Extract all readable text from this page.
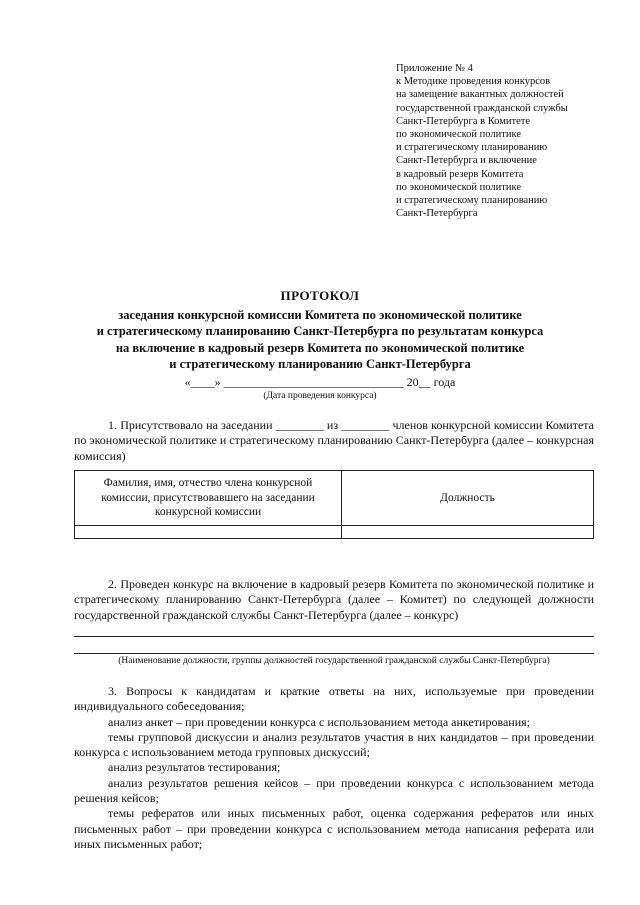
Приложение № 4
к Методике проведения конкурсов
на замещение вакантных должностей
государственной гражданской службы
Санкт-Петербурга в Комитете
по экономической политике
и стратегическому планированию
Санкт-Петербурга и включение
в кадровый резерв Комитета
по экономической политике
и стратегическому планированию
Санкт-Петербурга
ПРОТОКОЛ
заседания конкурсной комиссии Комитета по экономической политике
и стратегическому планированию Санкт-Петербурга по результатам конкурса
на включение в кадровый резерв Комитета по экономической политике
и стратегическому планированию Санкт-Петербурга
«____» ______________________________ 20__ года
(Дата проведения конкурса)
1. Присутствовало на заседании ________ из ________ членов конкурсной комиссии Комитета по экономической политике и стратегическому планированию Санкт-Петербурга (далее – конкурсная комиссия)
Фамилия, имя, отчество члена конкурсной комиссии, присутствовавшего на заседании конкурсной комиссии	Должность

2. Проведен конкурс на включение в кадровый резерв Комитета по экономической политике и стратегическому планированию Санкт-Петербурга (далее – Комитет) по следующей должности государственной гражданской службы Санкт-Петербурга (далее – конкурс)
(Наименование должности, группы должностей государственной гражданской службы Санкт-Петербурга)
3. Вопросы к кандидатам и краткие ответы на них, используемые при проведении индивидуального собеседования;
анализ анкет – при проведении конкурса с использованием метода анкетирования;
темы групповой дискуссии и анализ результатов участия в них кандидатов – при проведении конкурса с использованием метода групповых дискуссий;
анализ результатов тестирования;
анализ результатов решения кейсов – при проведении конкурса с использованием метода решения кейсов;
темы рефератов или иных письменных работ, оценка содержания рефератов или иных письменных работ – при проведении конкурса с использованием метода написания реферата или иных письменных работ;
